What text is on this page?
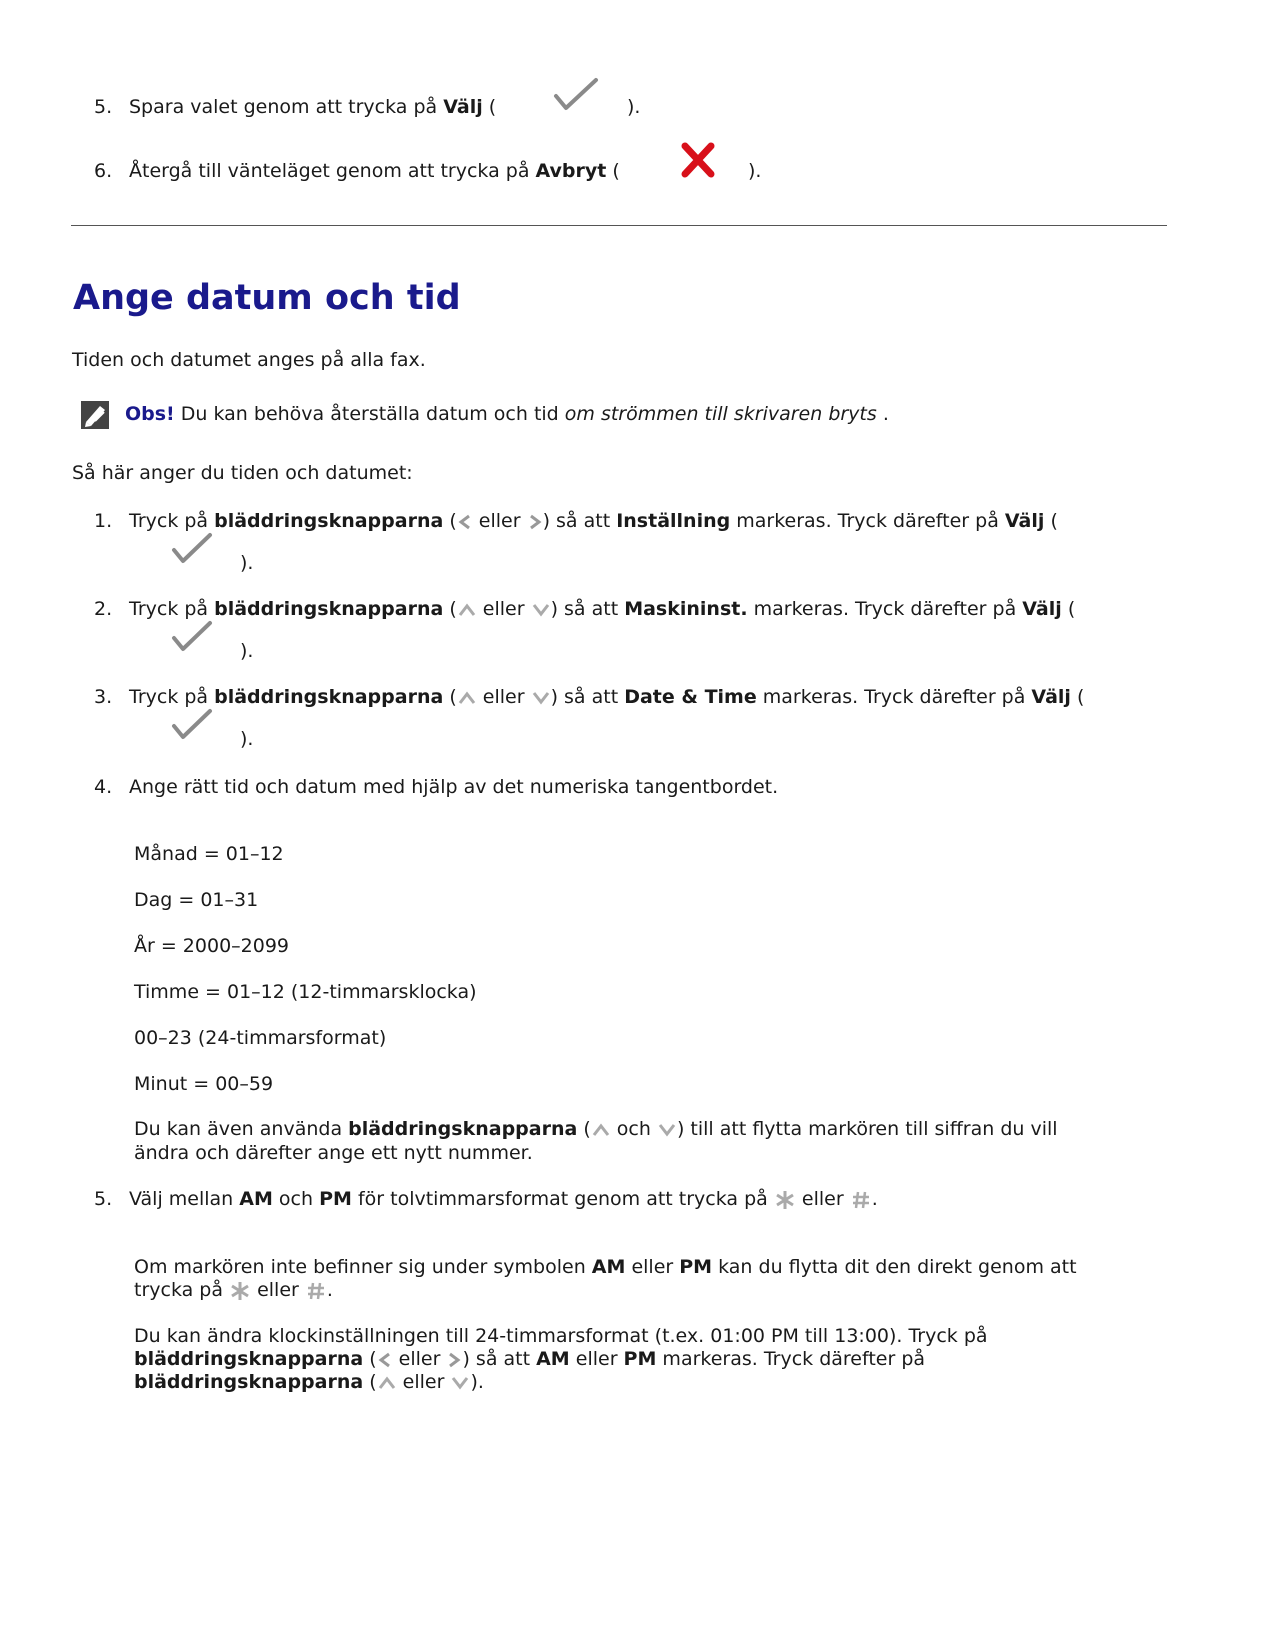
5. Spara valet genom att trycka på Välj (	).
6. Återgå till vänteläget genom att trycka på Avbryt (	).
Ange datum och tid
Tiden och datumet anges på alla fax.
Obs! Du kan behöva återställa datum och tid om strömmen till skrivaren bryts .
Så här anger du tiden och datumet:
1. Tryck på bläddringsknapparna (
eller
) så att Inställning markeras. Tryck därefter på Välj (
).
2. Tryck på bläddringsknapparna (
eller
) så att Maskininst. markeras. Tryck därefter på Välj (
).
3. Tryck på bläddringsknapparna (
eller
) så att Date & Time markeras. Tryck därefter på Välj (
).
4. Ange rätt tid och datum med hjälp av det numeriska tangentbordet.
Månad = 01–12
Dag = 01–31
År = 2000–2099
Timme = 01–12 (12-timmarsklocka)
00–23 (24-timmarsformat)
Minut = 00–59
Du kan även använda bläddringsknapparna (
och
) till att flytta markören till siffran du vill
ändra och därefter ange ett nytt nummer.
5. Välj mellan AM och PM för tolvtimmarsformat genom att trycka på
eller
.
Om markören inte befinner sig under symbolen AM eller PM kan du flytta dit den direkt genom att
trycka på
eller
.
Du kan ändra klockinställningen till 24-timmarsformat (t.ex. 01:00 PM till 13:00). Tryck på
bläddringsknapparna (
eller
) så att AM eller PM markeras. Tryck därefter på
bläddringsknapparna (
eller
).
